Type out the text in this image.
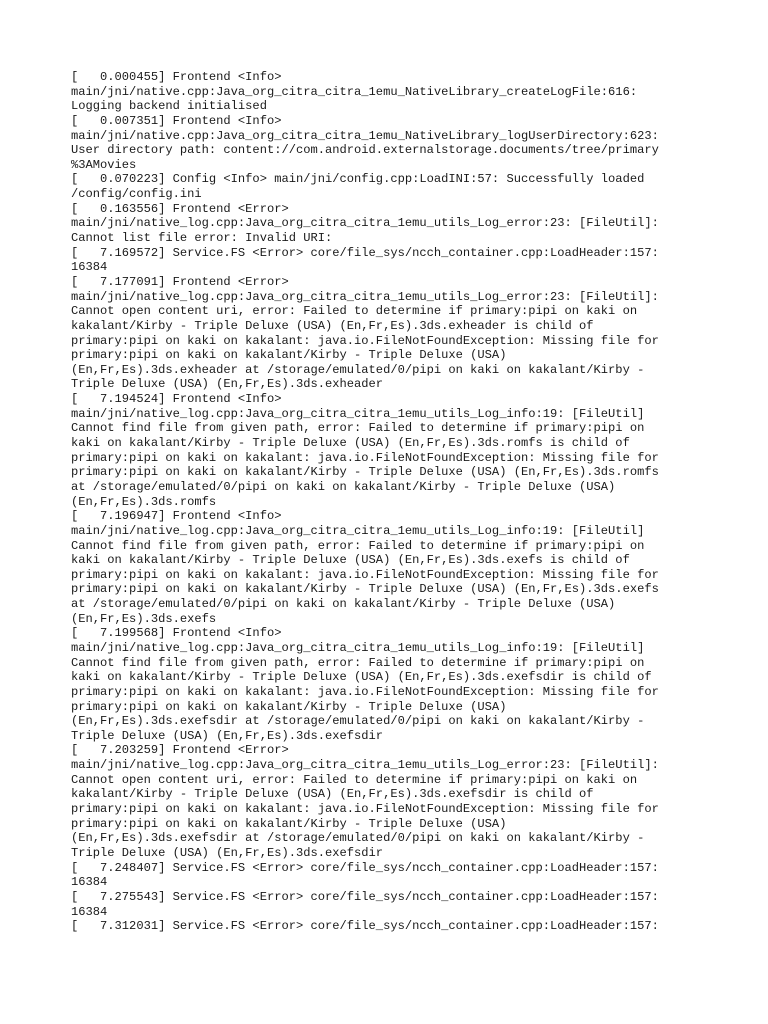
[   0.000455] Frontend <Info>
main/jni/native.cpp:Java_org_citra_citra_1emu_NativeLibrary_createLogFile:616:
Logging backend initialised
[   0.007351] Frontend <Info>
main/jni/native.cpp:Java_org_citra_citra_1emu_NativeLibrary_logUserDirectory:623:
User directory path: content://com.android.externalstorage.documents/tree/primary
%3AMovies
[   0.070223] Config <Info> main/jni/config.cpp:LoadINI:57: Successfully loaded
/config/config.ini
[   0.163556] Frontend <Error>
main/jni/native_log.cpp:Java_org_citra_citra_1emu_utils_Log_error:23: [FileUtil]:
Cannot list file error: Invalid URI:
[   7.169572] Service.FS <Error> core/file_sys/ncch_container.cpp:LoadHeader:157:
16384
[   7.177091] Frontend <Error>
main/jni/native_log.cpp:Java_org_citra_citra_1emu_utils_Log_error:23: [FileUtil]:
Cannot open content uri, error: Failed to determine if primary:pipi on kaki on
kakalant/Kirby - Triple Deluxe (USA) (En,Fr,Es).3ds.exheader is child of
primary:pipi on kaki on kakalant: java.io.FileNotFoundException: Missing file for
primary:pipi on kaki on kakalant/Kirby - Triple Deluxe (USA)
(En,Fr,Es).3ds.exheader at /storage/emulated/0/pipi on kaki on kakalant/Kirby -
Triple Deluxe (USA) (En,Fr,Es).3ds.exheader
[   7.194524] Frontend <Info>
main/jni/native_log.cpp:Java_org_citra_citra_1emu_utils_Log_info:19: [FileUtil]
Cannot find file from given path, error: Failed to determine if primary:pipi on
kaki on kakalant/Kirby - Triple Deluxe (USA) (En,Fr,Es).3ds.romfs is child of
primary:pipi on kaki on kakalant: java.io.FileNotFoundException: Missing file for
primary:pipi on kaki on kakalant/Kirby - Triple Deluxe (USA) (En,Fr,Es).3ds.romfs
at /storage/emulated/0/pipi on kaki on kakalant/Kirby - Triple Deluxe (USA)
(En,Fr,Es).3ds.romfs
[   7.196947] Frontend <Info>
main/jni/native_log.cpp:Java_org_citra_citra_1emu_utils_Log_info:19: [FileUtil]
Cannot find file from given path, error: Failed to determine if primary:pipi on
kaki on kakalant/Kirby - Triple Deluxe (USA) (En,Fr,Es).3ds.exefs is child of
primary:pipi on kaki on kakalant: java.io.FileNotFoundException: Missing file for
primary:pipi on kaki on kakalant/Kirby - Triple Deluxe (USA) (En,Fr,Es).3ds.exefs
at /storage/emulated/0/pipi on kaki on kakalant/Kirby - Triple Deluxe (USA)
(En,Fr,Es).3ds.exefs
[   7.199568] Frontend <Info>
main/jni/native_log.cpp:Java_org_citra_citra_1emu_utils_Log_info:19: [FileUtil]
Cannot find file from given path, error: Failed to determine if primary:pipi on
kaki on kakalant/Kirby - Triple Deluxe (USA) (En,Fr,Es).3ds.exefsdir is child of
primary:pipi on kaki on kakalant: java.io.FileNotFoundException: Missing file for
primary:pipi on kaki on kakalant/Kirby - Triple Deluxe (USA)
(En,Fr,Es).3ds.exefsdir at /storage/emulated/0/pipi on kaki on kakalant/Kirby -
Triple Deluxe (USA) (En,Fr,Es).3ds.exefsdir
[   7.203259] Frontend <Error>
main/jni/native_log.cpp:Java_org_citra_citra_1emu_utils_Log_error:23: [FileUtil]:
Cannot open content uri, error: Failed to determine if primary:pipi on kaki on
kakalant/Kirby - Triple Deluxe (USA) (En,Fr,Es).3ds.exefsdir is child of
primary:pipi on kaki on kakalant: java.io.FileNotFoundException: Missing file for
primary:pipi on kaki on kakalant/Kirby - Triple Deluxe (USA)
(En,Fr,Es).3ds.exefsdir at /storage/emulated/0/pipi on kaki on kakalant/Kirby -
Triple Deluxe (USA) (En,Fr,Es).3ds.exefsdir
[   7.248407] Service.FS <Error> core/file_sys/ncch_container.cpp:LoadHeader:157:
16384
[   7.275543] Service.FS <Error> core/file_sys/ncch_container.cpp:LoadHeader:157:
16384
[   7.312031] Service.FS <Error> core/file_sys/ncch_container.cpp:LoadHeader:157:
